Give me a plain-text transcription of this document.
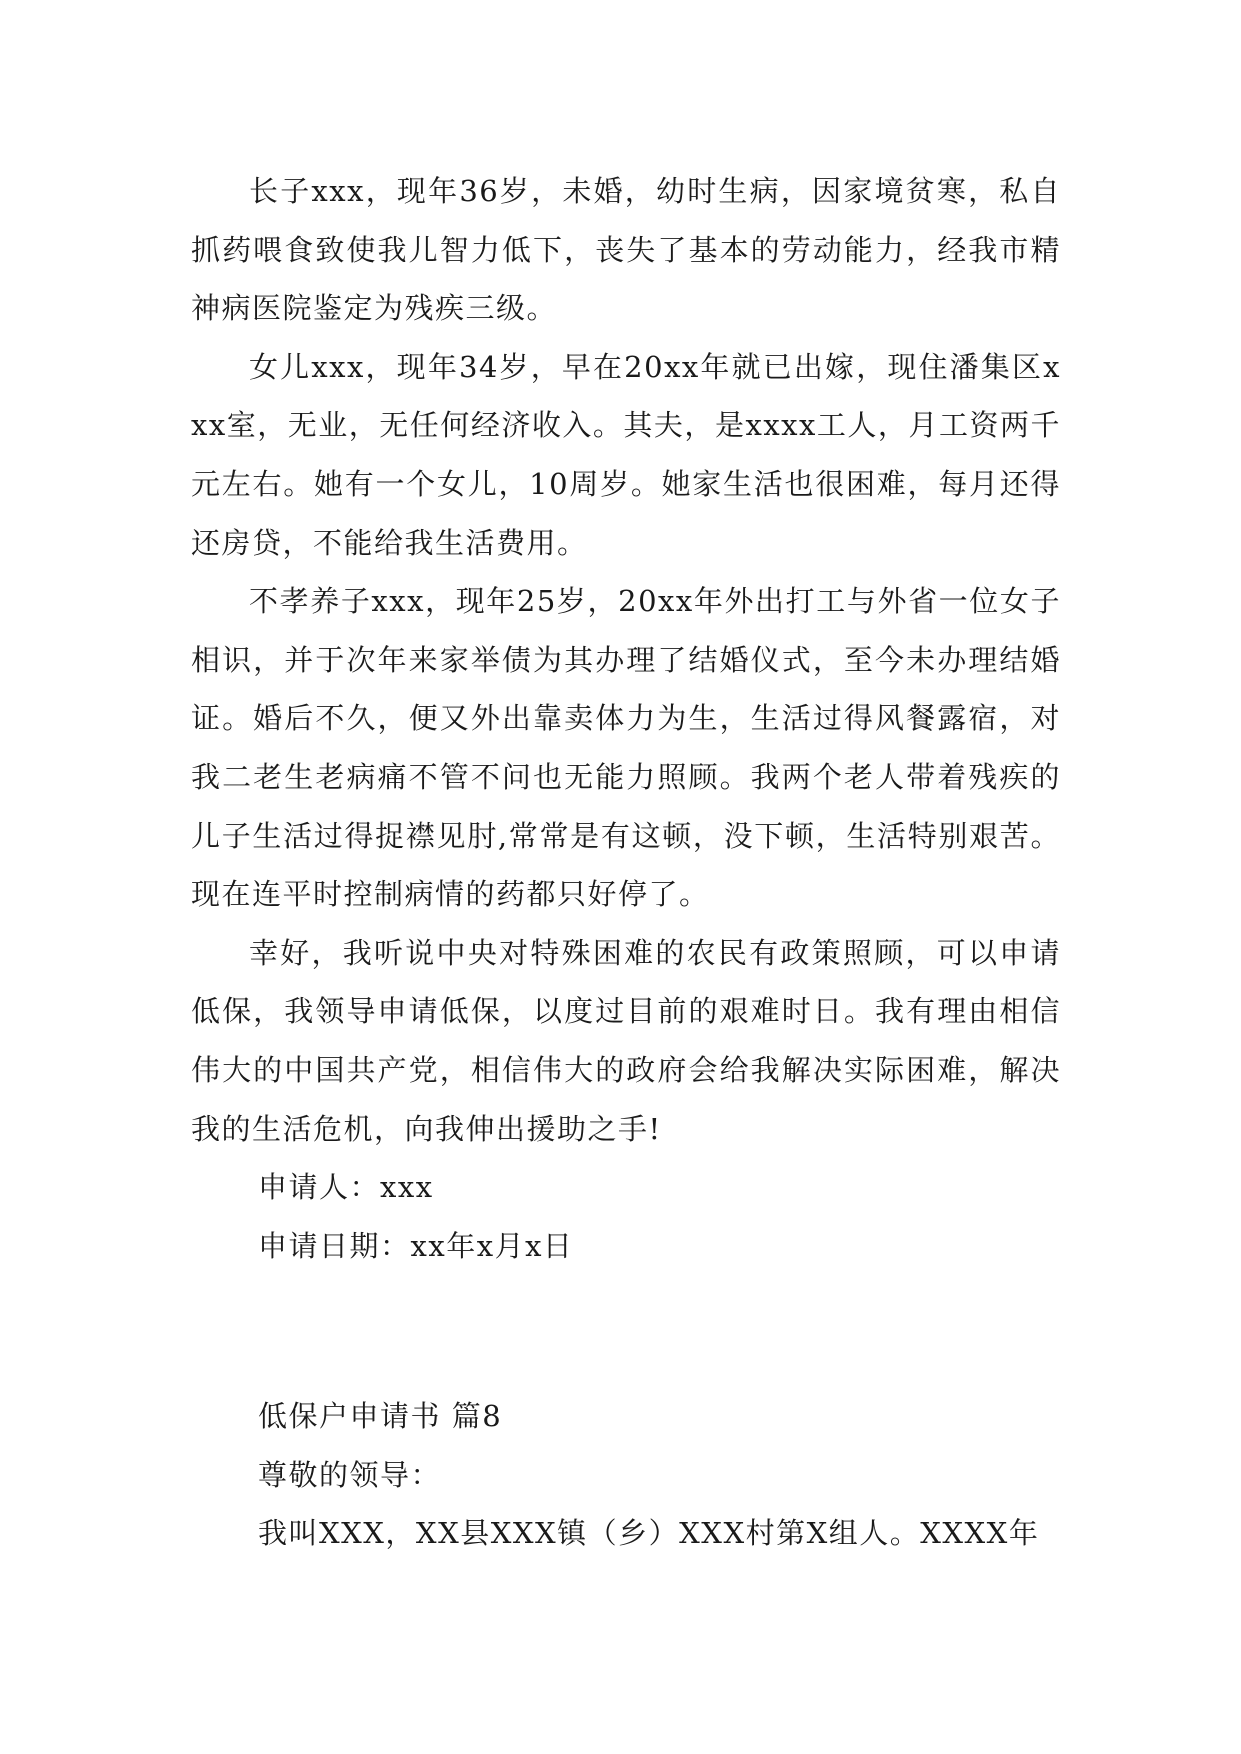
长子xxx，现年36岁，未婚，幼时生病，因家境贫寒，私自抓药喂食致使我儿智力低下，丧失了基本的劳动能力，经我市精神病医院鉴定为残疾三级。

女儿xxx，现年34岁，早在20xx年就已出嫁，现住潘集区xxx室，无业，无任何经济收入。其夫，是xxxx工人，月工资两千元左右。她有一个女儿，10周岁。她家生活也很困难，每月还得还房贷，不能给我生活费用。

不孝养子xxx，现年25岁，20xx年外出打工与外省一位女子相识，并于次年来家举债为其办理了结婚仪式，至今未办理结婚证。婚后不久，便又外出靠卖体力为生，生活过得风餐露宿，对我二老生老病痛不管不问也无能力照顾。我两个老人带着残疾的儿子生活过得捉襟见肘,常常是有这顿，没下顿，生活特别艰苦。现在连平时控制病情的药都只好停了。

幸好，我听说中央对特殊困难的农民有政策照顾，可以申请低保，我领导申请低保，以度过目前的艰难时日。我有理由相信伟大的中国共产党，相信伟大的政府会给我解决实际困难，解决我的生活危机，向我伸出援助之手!

申请人：xxx

申请日期：xx年x月x日

低保户申请书 篇8

尊敬的领导：

我叫XXX，XX县XXX镇（乡）XXX村第X组人。XXXX年
